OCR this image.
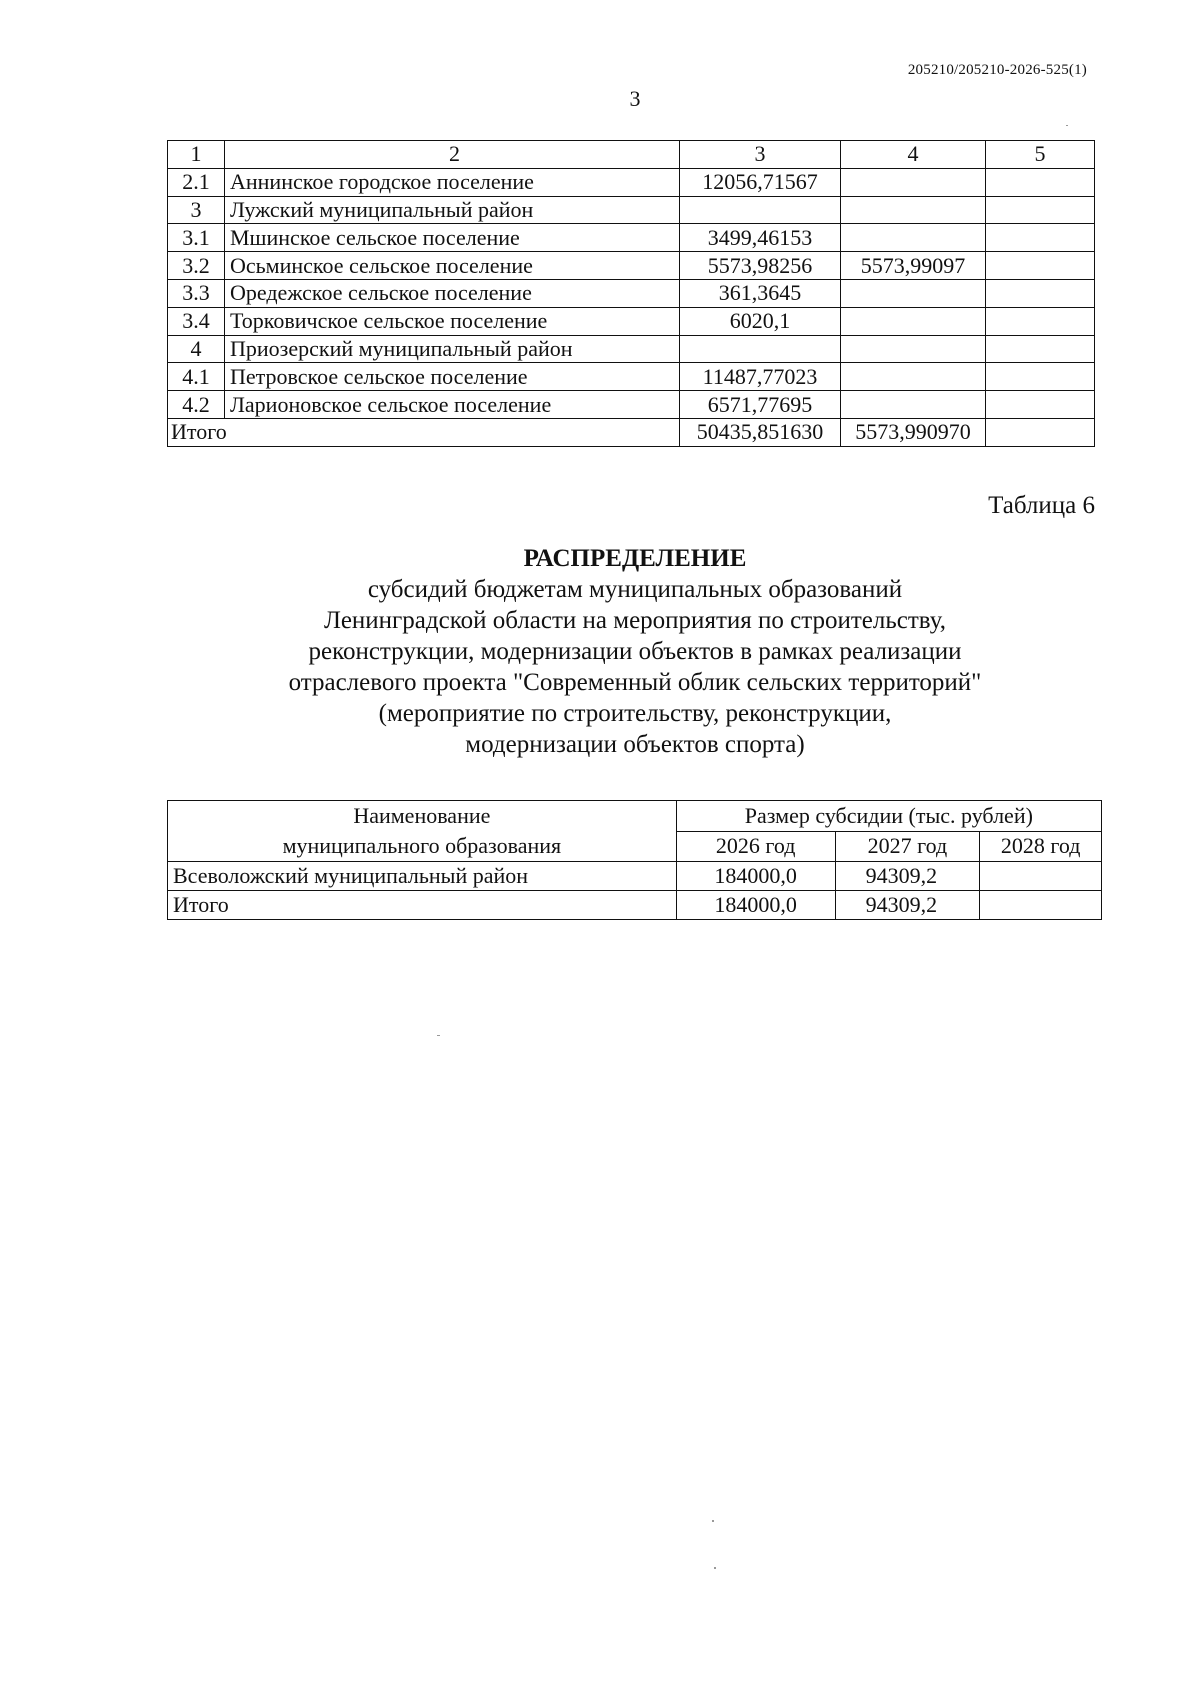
205210/205210-2026-525(1)
3
1	2	3	4	5
2.1	Аннинское городское поселение	12056,71567		
3	Лужский муниципальный район			
3.1	Мшинское сельское поселение	3499,46153		
3.2	Осьминское сельское поселение	5573,98256	5573,99097	
3.3	Оредежское сельское поселение	361,3645		
3.4	Торковичское сельское поселение	6020,1		
4	Приозерский муниципальный район			
4.1	Петровское сельское поселение	11487,77023		
4.2	Ларионовское сельское поселение	6571,77695		
Итого		50435,851630	5573,990970	
Таблица 6
РАСПРЕДЕЛЕНИЕ
субсидий бюджетам муниципальных образований
Ленинградской области на мероприятия по строительству,
реконструкции, модернизации объектов в рамках реализации
отраслевого проекта "Современный облик сельских территорий"
(мероприятие по строительству, реконструкции,
модернизации объектов спорта)
Наименование
муниципального образования	Размер субсидии (тыс. рублей)		
	2026 год	2027 год	2028 год
Всеволожский муниципальный район	184000,0	94309,2	
Итого	184000,0	94309,2	
